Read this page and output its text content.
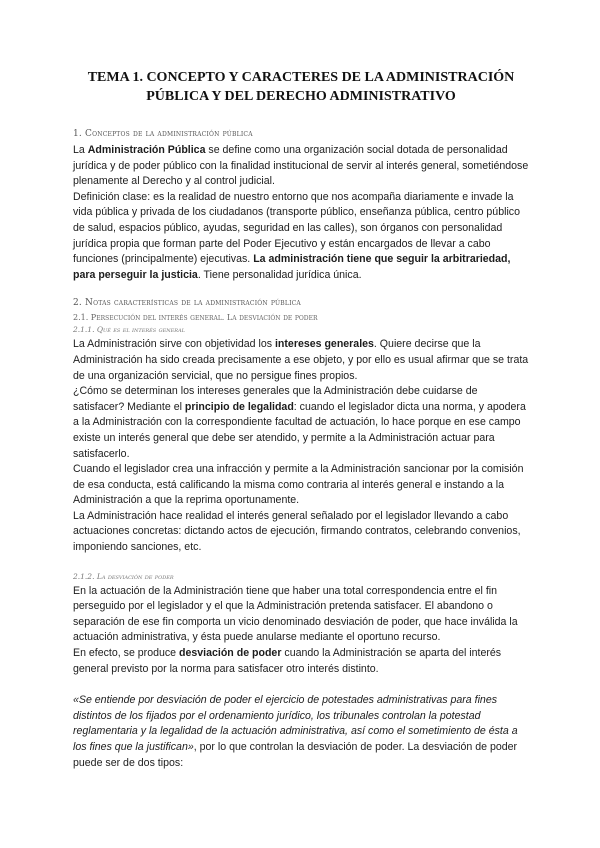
TEMA 1. CONCEPTO Y CARACTERES DE LA ADMINISTRACIÓN
PÚBLICA Y DEL DERECHO ADMINISTRATIVO
1. Conceptos de la administración pública

La Administración Pública se define como una organización social dotada de personalidad jurídica y de poder público con la finalidad institucional de servir al interés general, sometiéndose plenamente al Derecho y al control judicial.

Definición clase: es la realidad de nuestro entorno que nos acompaña diariamente e invade la vida pública y privada de los ciudadanos (transporte público, enseñanza pública, centro público de salud, espacios público, ayudas, seguridad en las calles), son órganos con personalidad jurídica propia que forman parte del Poder Ejecutivo y están encargados de llevar a cabo funciones (principalmente) ejecutivas. La administración tiene que seguir la arbitrariedad, para perseguir la justicia. Tiene personalidad jurídica única.

2. Notas características de la administración pública
2.1. Persecución del interés general. La desviación de poder
2.1.1. Qué es el interés general

La Administración sirve con objetividad los intereses generales. Quiere decirse que la Administración ha sido creada precisamente a ese objeto, y por ello es usual afirmar que se trata de una organización servicial, que no persigue fines propios.

¿Cómo se determinan los intereses generales que la Administración debe cuidarse de satisfacer? Mediante el principio de legalidad: cuando el legislador dicta una norma, y apodera a la Administración con la correspondiente facultad de actuación, lo hace porque en ese campo existe un interés general que debe ser atendido, y permite a la Administración actuar para satisfacerlo.

Cuando el legislador crea una infracción y permite a la Administración sancionar por la comisión de esa conducta, está calificando la misma como contraria al interés general e instando a la Administración a que la reprima oportunamente.

La Administración hace realidad el interés general señalado por el legislador llevando a cabo actuaciones concretas: dictando actos de ejecución, firmando contratos, celebrando convenios, imponiendo sanciones, etc.

2.1.2. La desviación de poder

En la actuación de la Administración tiene que haber una total correspondencia entre el fin perseguido por el legislador y el que la Administración pretenda satisfacer. El abandono o separación de ese fin comporta un vicio denominado desviación de poder, que hace inválida la actuación administrativa, y ésta puede anularse mediante el oportuno recurso.

En efecto, se produce desviación de poder cuando la Administración se aparta del interés general previsto por la norma para satisfacer otro interés distinto.

«Se entiende por desviación de poder el ejercicio de potestades administrativas para fines distintos de los fijados por el ordenamiento jurídico, los tribunales controlan la potestad reglamentaria y la legalidad de la actuación administrativa, así como el sometimiento de ésta a los fines que la justifican», por lo que controlan la desviación de poder. La desviación de poder puede ser de dos tipos:
